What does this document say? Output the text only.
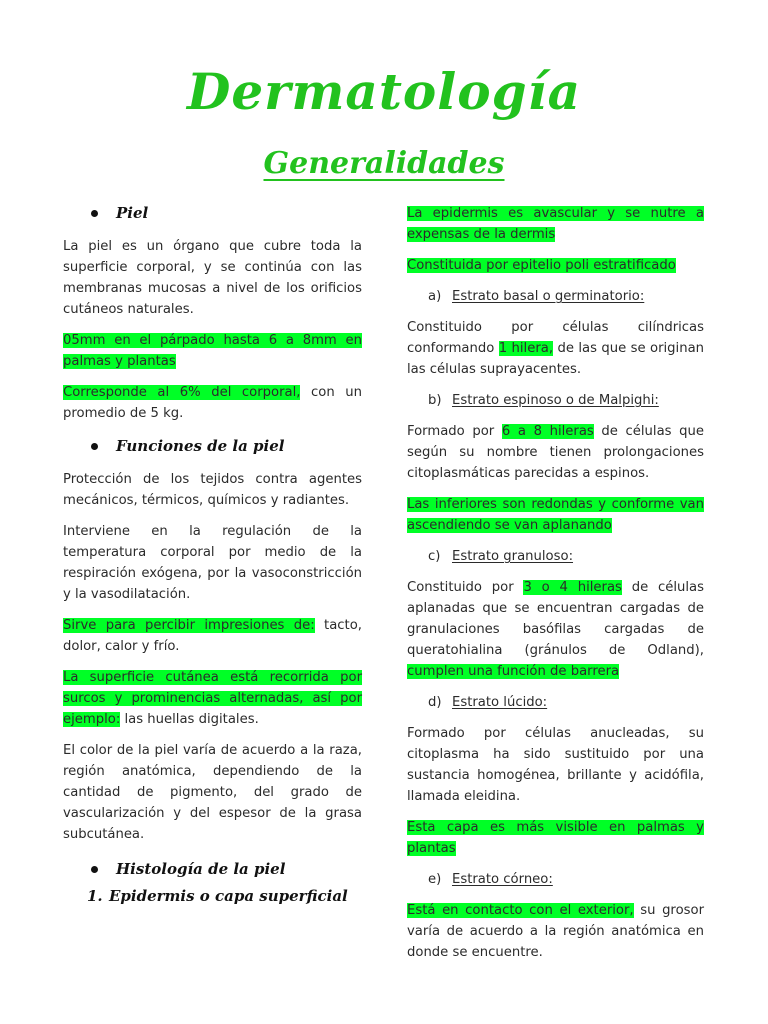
Dermatología
Generalidades
Piel

La piel es un órgano que cubre toda la superficie corporal, y se continúa con las membranas mucosas a nivel de los orificios cutáneos naturales.

05mm en el párpado hasta 6 a 8mm en palmas y plantas

Corresponde al 6% del corporal, con un promedio de 5 kg.

Funciones de la piel

Protección de los tejidos contra agentes mecánicos, térmicos, químicos y radiantes.

Interviene en la regulación de la temperatura corporal por medio de la respiración exógena, por la vasoconstricción y la vasodilatación.

Sirve para percibir impresiones de: tacto, dolor, calor y frío.

La superficie cutánea está recorrida por surcos y prominencias alternadas, así por ejemplo: las huellas digitales.

El color de la piel varía de acuerdo a la raza, región anatómica, dependiendo de la cantidad de pigmento, del grado de vascularización y del espesor de la grasa subcutánea.

Histología de la piel
1. Epidermis o capa superficial

La epidermis es avascular y se nutre a expensas de la dermis

Constituida por epitelio poli estratificado

a) Estrato basal o germinatorio:

Constituido por células cilíndricas conformando 1 hilera, de las que se originan las células suprayacentes.

b) Estrato espinoso o de Malpighi:

Formado por 6 a 8 hileras de células que según su nombre tienen prolongaciones citoplasmáticas parecidas a espinos.

Las inferiores son redondas y conforme van ascendiendo se van aplanando

c) Estrato granuloso:

Constituido por 3 o 4 hileras de células aplanadas que se encuentran cargadas de granulaciones basófilas cargadas de queratohialina (gránulos de Odland), cumplen una función de barrera

d) Estrato lúcido:

Formado por células anucleadas, su citoplasma ha sido sustituido por una sustancia homogénea, brillante y acidófila, llamada eleidina.

Esta capa es más visible en palmas y plantas

e) Estrato córneo:

Está en contacto con el exterior, su grosor varía de acuerdo a la región anatómica en donde se encuentre.
